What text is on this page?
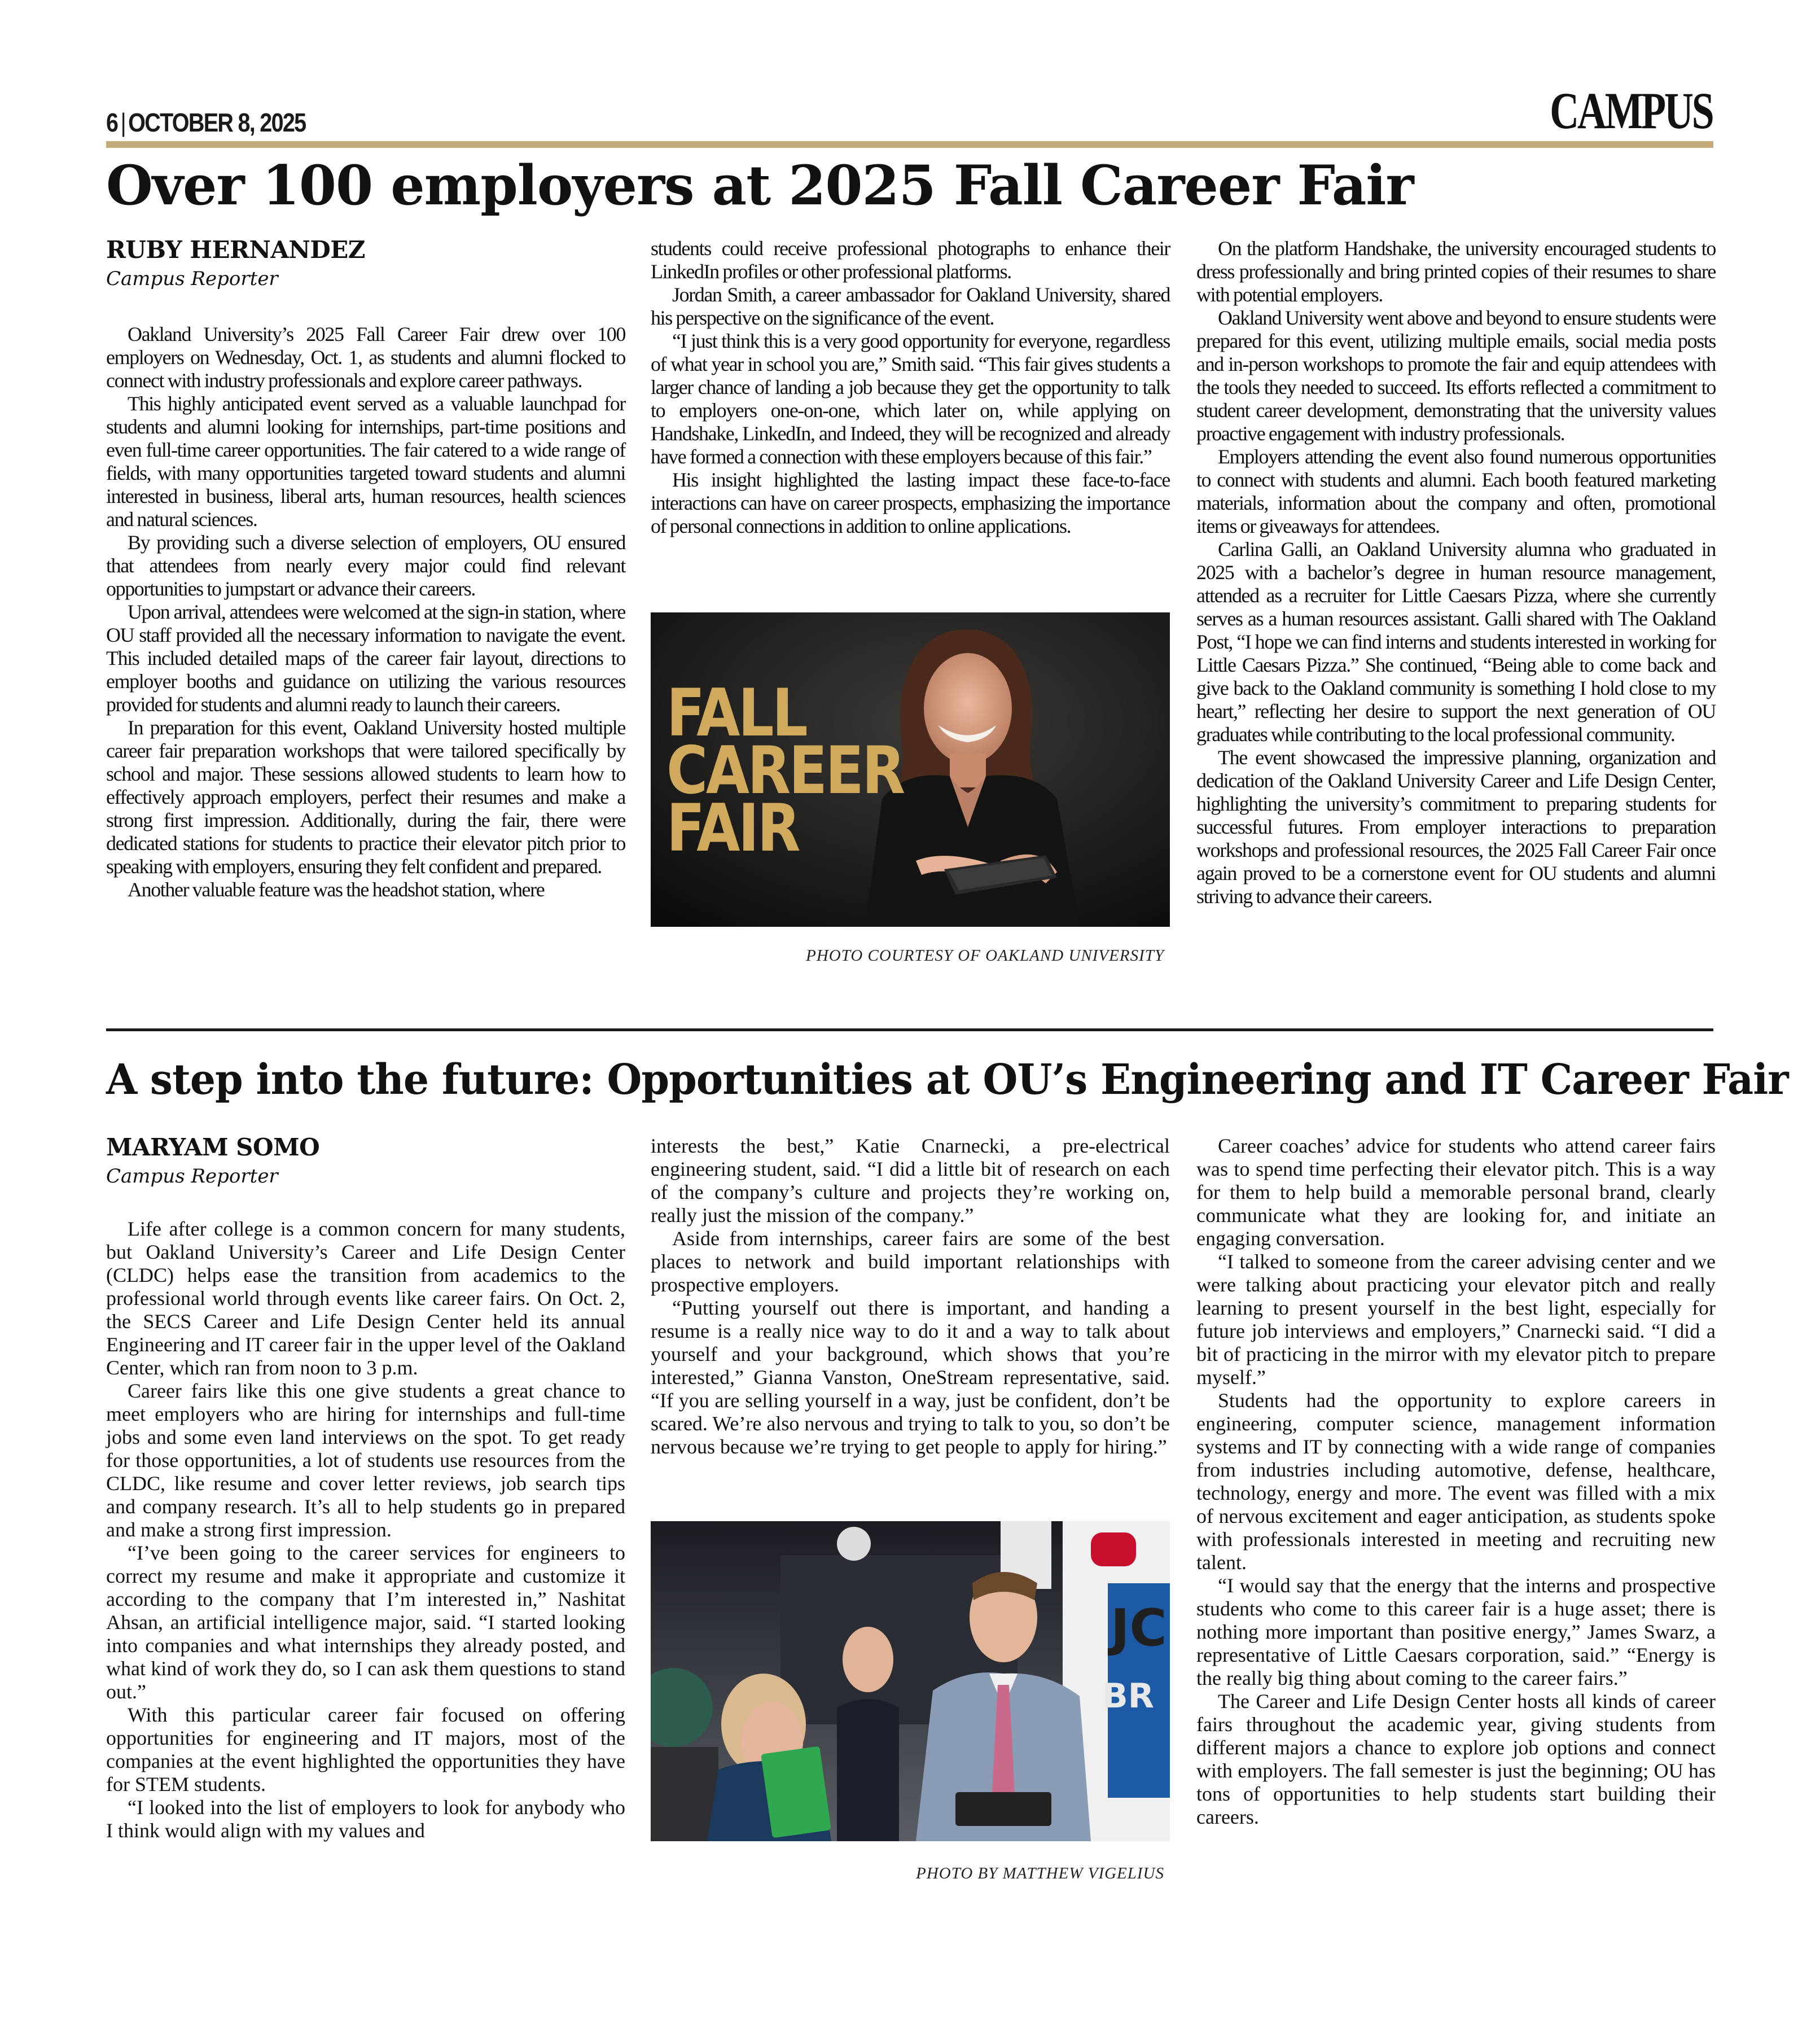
6 | OCTOBER 8, 2025	CAMPUS
Over 100 employers at 2025 Fall Career Fair
RUBY HERNANDEZ
Campus Reporter

Oakland University’s 2025 Fall Career Fair drew over 100 employers on Wednesday, Oct. 1, as students and alumni flocked to connect with industry professionals and explore career pathways.

This highly anticipated event served as a valuable launchpad for students and alumni looking for internships, part-time positions and even full-time career opportunities. The fair catered to a wide range of fields, with many opportunities targeted toward students and alumni interested in business, liberal arts, human resources, health sciences and natural sciences.

By providing such a diverse selection of employers, OU ensured that attendees from nearly every major could find relevant opportunities to jumpstart or advance their careers.

Upon arrival, attendees were welcomed at the sign-in station, where OU staff provided all the necessary information to navigate the event. This included detailed maps of the career fair layout, directions to employer booths and guidance on utilizing the various resources provided for students and alumni ready to launch their careers.

In preparation for this event, Oakland University hosted multiple career fair preparation workshops that were tailored specifically by school and major. These sessions allowed students to learn how to effectively approach employers, perfect their resumes and make a strong first impression. Additionally, during the fair, there were dedicated stations for students to practice their elevator pitch prior to speaking with employers, ensuring they felt confident and prepared.

Another valuable feature was the headshot station, where

students could receive professional photographs to enhance their LinkedIn profiles or other professional platforms.

Jordan Smith, a career ambassador for Oakland University, shared his perspective on the significance of the event.

“I just think this is a very good opportunity for everyone, regardless of what year in school you are,” Smith said. “This fair gives students a larger chance of landing a job because they get the opportunity to talk to employers one-on-one, which later on, while applying on Handshake, LinkedIn, and Indeed, they will be recognized and already have formed a connection with these employers because of this fair.”

His insight highlighted the lasting impact these face-to-face interactions can have on career prospects, emphasizing the importance of personal connections in addition to online applications.

FALL
CAREER
FAIR
PHOTO COURTESY OF OAKLAND UNIVERSITY

On the platform Handshake, the university encouraged students to dress professionally and bring printed copies of their resumes to share with potential employers.

Oakland University went above and beyond to ensure students were prepared for this event, utilizing multiple emails, social media posts and in-person workshops to promote the fair and equip attendees with the tools they needed to succeed. Its efforts reflected a commitment to student career development, demonstrating that the university values proactive engagement with industry professionals.

Employers attending the event also found numerous opportunities to connect with students and alumni. Each booth featured marketing materials, information about the company and often, promotional items or giveaways for attendees.

Carlina Galli, an Oakland University alumna who graduated in 2025 with a bachelor’s degree in human resource management, attended as a recruiter for Little Caesars Pizza, where she currently serves as a human resources assistant. Galli shared with The Oakland Post, “I hope we can find interns and students interested in working for Little Caesars Pizza.” She continued, “Being able to come back and give back to the Oakland community is something I hold close to my heart,” reflecting her desire to support the next generation of OU graduates while contributing to the local professional community.

The event showcased the impressive planning, organization and dedication of the Oakland University Career and Life Design Center, highlighting the university’s commitment to preparing students for successful futures. From employer interactions to preparation workshops and professional resources, the 2025 Fall Career Fair once again proved to be a cornerstone event for OU students and alumni striving to advance their careers.

A step into the future: Opportunities at OU’s Engineering and IT Career Fair
MARYAM SOMO
Campus Reporter

Life after college is a common concern for many students, but Oakland University’s Career and Life Design Center (CLDC) helps ease the transition from academics to the professional world through events like career fairs. On Oct. 2, the SECS Career and Life Design Center held its annual Engineering and IT career fair in the upper level of the Oakland Center, which ran from noon to 3 p.m.

Career fairs like this one give students a great chance to meet employers who are hiring for internships and full-time jobs and some even land interviews on the spot. To get ready for those opportunities, a lot of students use resources from the CLDC, like resume and cover letter reviews, job search tips and company research. It’s all to help students go in prepared and make a strong first impression.

“I’ve been going to the career services for engineers to correct my resume and make it appropriate and customize it according to the company that I’m interested in,” Nashitat Ahsan, an artificial intelligence major, said. “I started looking into companies and what internships they already posted, and what kind of work they do, so I can ask them questions to stand out.”

With this particular career fair focused on offering opportunities for engineering and IT majors, most of the companies at the event highlighted the opportunities they have for STEM students.

“I looked into the list of employers to look for anybody who I think would align with my values and

interests the best,” Katie Cnarnecki, a pre-electrical engineering student, said. “I did a little bit of research on each of the company’s culture and projects they’re working on, really just the mission of the company.”

Aside from internships, career fairs are some of the best places to network and build important relationships with prospective employers.

“Putting yourself out there is important, and handing a resume is a really nice way to do it and a way to talk about yourself and your background, which shows that you’re interested,” Gianna Vanston, OneStream representative, said. “If you are selling yourself in a way, just be confident, don’t be scared. We’re also nervous and trying to talk to you, so don’t be nervous because we’re trying to get people to apply for hiring.”

JC
BR
PHOTO BY MATTHEW VIGELIUS

Career coaches’ advice for students who attend career fairs was to spend time perfecting their elevator pitch. This is a way for them to help build a memorable personal brand, clearly communicate what they are looking for, and initiate an engaging conversation.

“I talked to someone from the career advising center and we were talking about practicing your elevator pitch and really learning to present yourself in the best light, especially for future job interviews and employers,” Cnarnecki said. “I did a bit of practicing in the mirror with my elevator pitch to prepare myself.”

Students had the opportunity to explore careers in engineering, computer science, management information systems and IT by connecting with a wide range of companies from industries including automotive, defense, healthcare, technology, energy and more. The event was filled with a mix of nervous excitement and eager anticipation, as students spoke with professionals interested in meeting and recruiting new talent.

“I would say that the energy that the interns and prospective students who come to this career fair is a huge asset; there is nothing more important than positive energy,” James Swarz, a representative of Little Caesars corporation, said.” “Energy is the really big thing about coming to the career fairs.”

The Career and Life Design Center hosts all kinds of career fairs throughout the academic year, giving students from different majors a chance to explore job options and connect with employers. The fall semester is just the beginning; OU has tons of opportunities to help students start building their careers.
